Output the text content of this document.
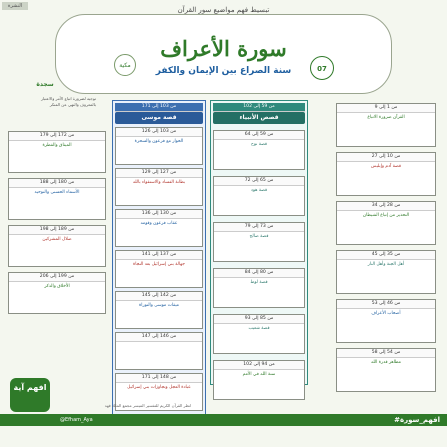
النشرة	تبسيط فهم مواضيع سور القرآن
سورة الأعراف
سنة الصراع بين الإيمان والكفر
مكية	07
سجدة
توجيه لضرورة اتباع الأمر والاعتبار بالمعروف والنهي عن المنكر	من 103 إلى 171
قصة موسى
من 103 إلى 126
الحوار مع فرعون والسحرة
من 127 إلى 129
بطانة الفساد والاستقواء بالله
من 130 إلى 136
عقاب فرعون وقومه
من 137 إلى 141
جهالة بني إسرائيل بعد النجاة
من 142 إلى 145
ميقات موسى والتوراة
من 146 إلى 147
من 148 إلى 171
عبادة العجل وتجاوزات بني إسرائيل
من 59 إلى 102
قصص الأنبياء
من 59 إلى 64
قصة نوح
من 65 إلى 72
قصة هود
من 73 إلى 79
قصة صالح
من 80 إلى 84
قصة لوط
من 85 إلى 93
قصة شعيب
من 94 إلى 102
سنة الله في الأمم
من 1 إلى 9
القرآن ضرورة الاتباع
من 10 إلى 27
قصة آدم وإبليس
من 28 إلى 34
التحذير من إتباع الشيطان
من 35 إلى 45
أهل الجنة وأهل النار
من 46 إلى 53
أصحاب الأعراف
من 54 إلى 58
مظاهر قدرة الله
من 172 إلى 179
الميثاق والفطرة
من 180 إلى 188
الأسماء الحسنى والتوحيد
من 189 إلى 198
ضلال المشركين
من 199 إلى 206
الأخلاق والذكر
انظر القرآن الكريم للتفسير الميسر مجمع الملك فهد
افهم آية
@Efham_Aya	#افهم_سورة
